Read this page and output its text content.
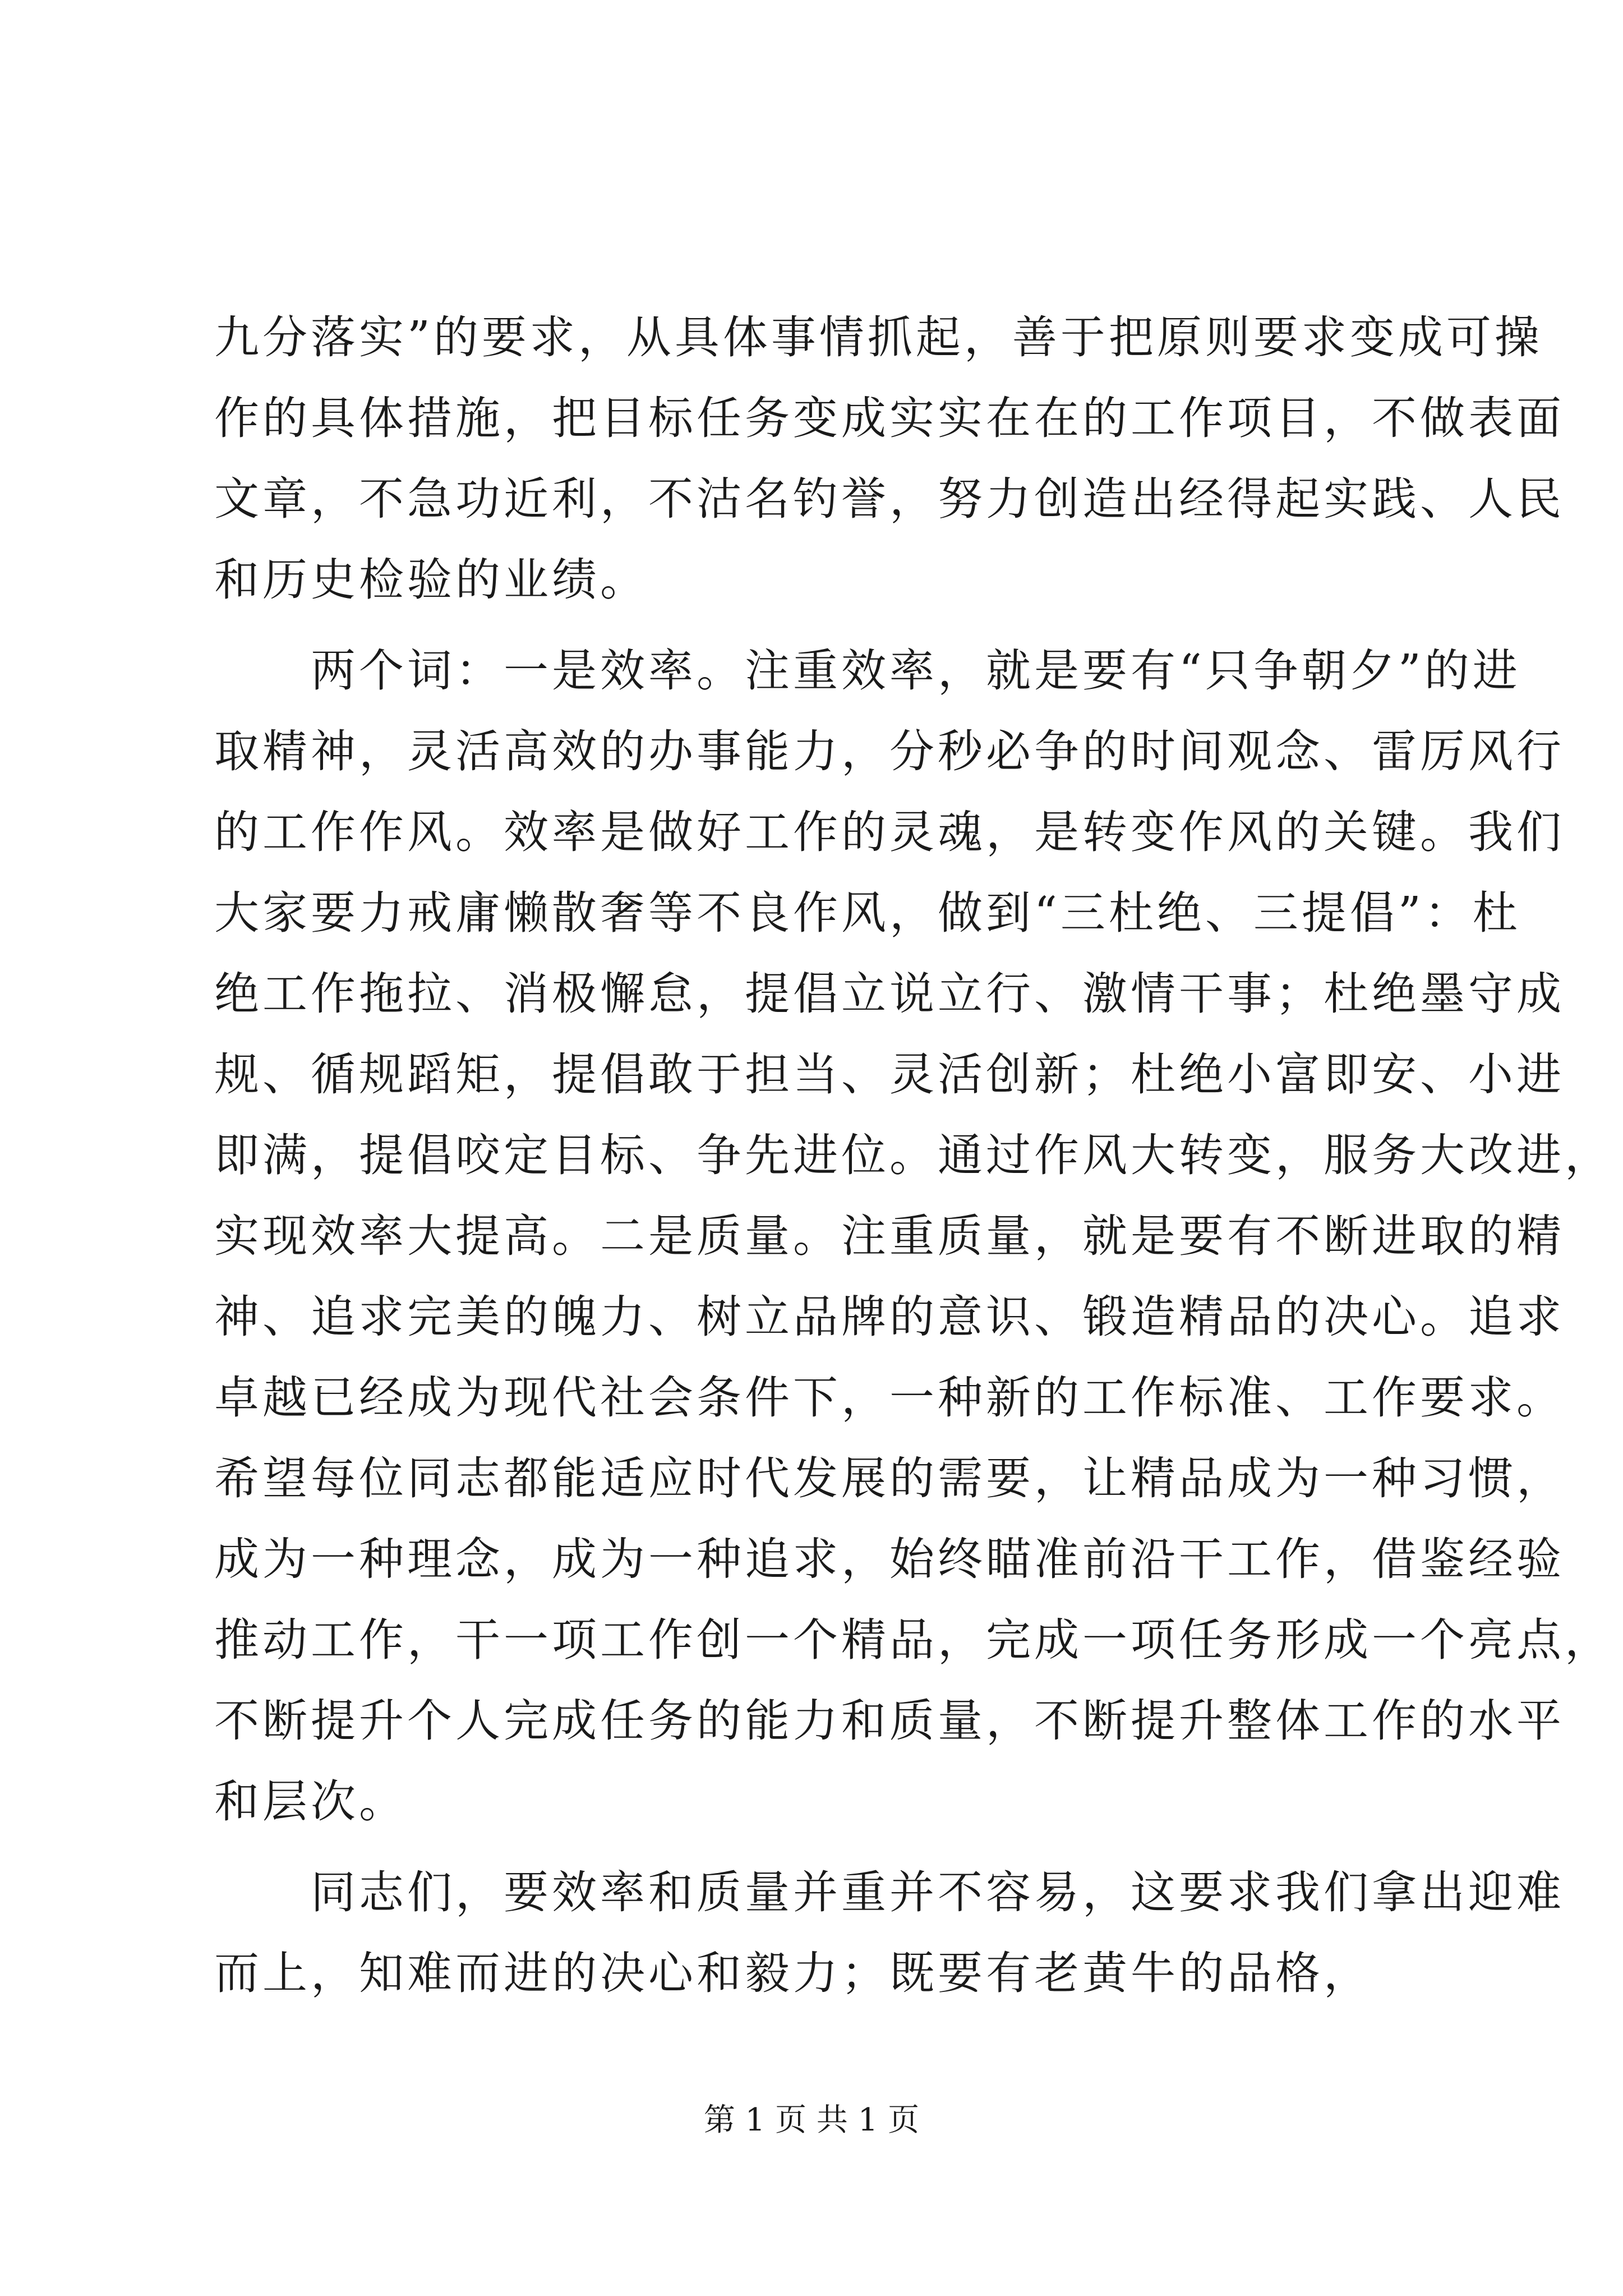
九分落实”的要求，从具体事情抓起，善于把原则要求变成可操
作的具体措施，把目标任务变成实实在在的工作项目，不做表面
文章，不急功近利，不沽名钓誉，努力创造出经得起实践、人民
和历史检验的业绩。
两个词：一是效率。注重效率，就是要有“只争朝夕”的进
取精神，灵活高效的办事能力，分秒必争的时间观念、雷厉风行
的工作作风。效率是做好工作的灵魂，是转变作风的关键。我们
大家要力戒庸懒散奢等不良作风，做到“三杜绝、三提倡”：杜
绝工作拖拉、消极懈怠，提倡立说立行、激情干事；杜绝墨守成
规、循规蹈矩，提倡敢于担当、灵活创新；杜绝小富即安、小进
即满，提倡咬定目标、争先进位。通过作风大转变，服务大改进，
实现效率大提高。二是质量。注重质量，就是要有不断进取的精
神、追求完美的魄力、树立品牌的意识、锻造精品的决心。追求
卓越已经成为现代社会条件下，一种新的工作标准、工作要求。
希望每位同志都能适应时代发展的需要，让精品成为一种习惯，
成为一种理念，成为一种追求，始终瞄准前沿干工作，借鉴经验
推动工作，干一项工作创一个精品，完成一项任务形成一个亮点，
不断提升个人完成任务的能力和质量，不断提升整体工作的水平
和层次。
同志们，要效率和质量并重并不容易，这要求我们拿出迎难
而上，知难而进的决心和毅力；既要有老黄牛的品格，
第 1 页 共 1 页
